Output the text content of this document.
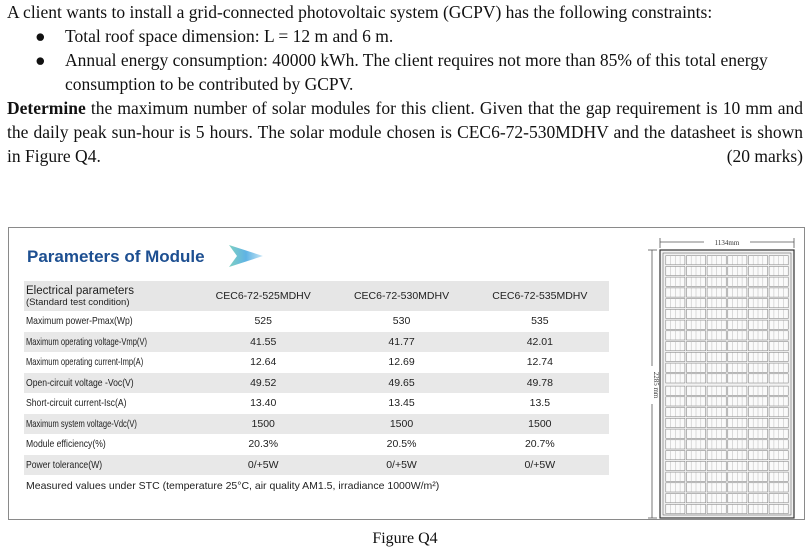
A client wants to install a grid-connected photovoltaic system (GCPV) has the following constraints:

● Total roof space dimension: L = 12 m and 6 m.
● Annual energy consumption: 40000 kWh. The client requires not more than 85% of this total energy consumption to be contributed by GCPV.

Determine the maximum number of solar modules for this client. Given that the gap requirement is 10 mm and the daily peak sun-hour is 5 hours. The solar module chosen is CEC6-72-530MDHV and the datasheet is shown in Figure Q4.	(20 marks)
Parameters of Module
Electrical parameters
(Standard test condition)	CEC6-72-525MDHV	CEC6-72-530MDHV	CEC6-72-535MDHV
Maximum power-Pmax(Wp)	525	530	535
Maximum operating voltage-Vmp(V)	41.55	41.77	42.01
Maximum operating current-Imp(A)	12.64	12.69	12.74
Open-circuit voltage -Voc(V)	49.52	49.65	49.78
Short-circuit current-Isc(A)	13.40	13.45	13.5
Maximum system voltage-Vdc(V)	1500	1500	1500
Module efficiency(%)	20.3%	20.5%	20.7%
Power tolerance(W)	0/+5W	0/+5W	0/+5W
Measured values under STC (temperature 25°C, air quality AM1.5, irradiance 1000W/m²)
1134mm
2285 mm
Figure Q4
